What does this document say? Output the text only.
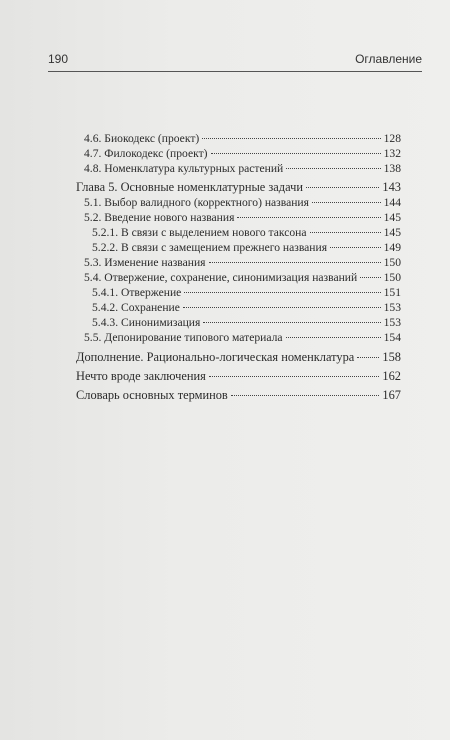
190	Оглавление
4.6. Биокодекс (проект)	128
4.7. Филокодекс (проект)	132
4.8. Номенклатура культурных растений	138
Глава 5. Основные номенклатурные задачи	143
5.1. Выбор валидного (корректного) названия	144
5.2. Введение нового названия	145
5.2.1. В связи с выделением нового таксона	145
5.2.2. В связи с замещением прежнего названия	149
5.3. Изменение названия	150
5.4. Отвержение, сохранение, синонимизация названий 150
5.4.1. Отвержение	151
5.4.2. Сохранение	153
5.4.3. Синонимизация	153
5.5. Депонирование типового материала	154
Дополнение. Рационально-логическая номенклатура 158
Нечто вроде заключения	162
Словарь основных терминов	167
